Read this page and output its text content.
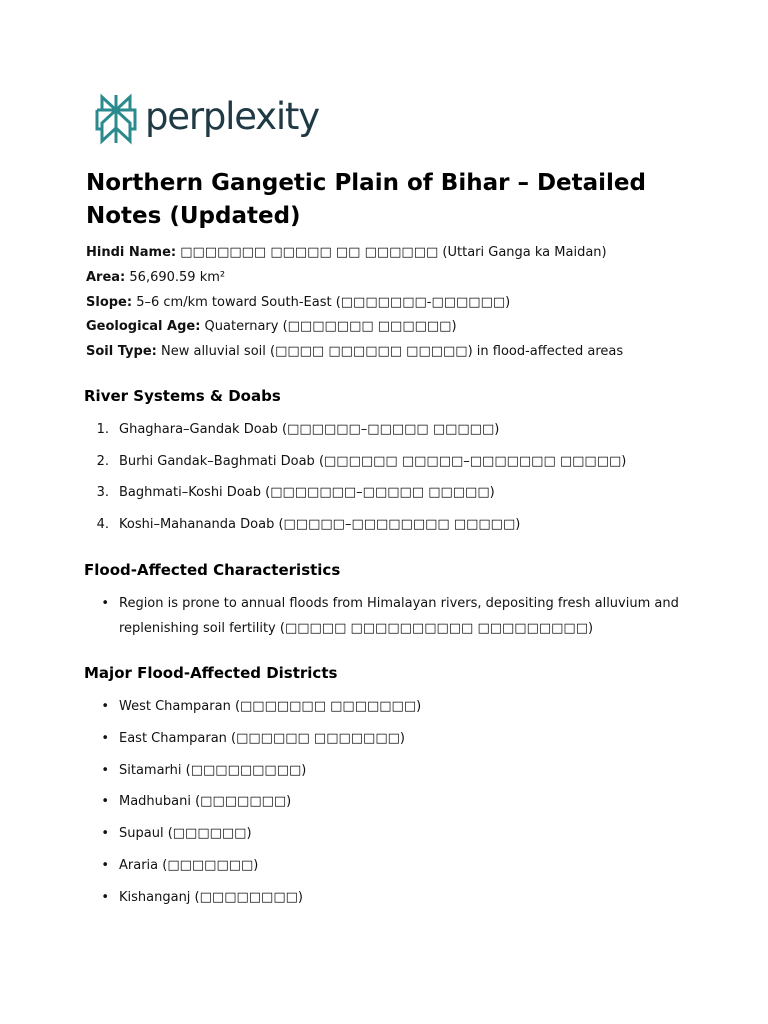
perplexity
Northern Gangetic Plain of Bihar – Detailed Notes (Updated)
Hindi Name: □□□□□□□ □□□□□ □□ □□□□□□ (Uttari Ganga ka Maidan)
Area: 56,690.59 km²
Slope: 5–6 cm/km toward South-East (□□□□□□□-□□□□□□)
Geological Age: Quaternary (□□□□□□□ □□□□□□)
Soil Type: New alluvial soil (□□□□ □□□□□□ □□□□□) in flood-affected areas
River Systems & Doabs
1. Ghaghara–Gandak Doab (□□□□□□–□□□□□ □□□□□)
2. Burhi Gandak–Baghmati Doab (□□□□□□ □□□□□–□□□□□□□ □□□□□)
3. Baghmati–Koshi Doab (□□□□□□□–□□□□□ □□□□□)
4. Koshi–Mahananda Doab (□□□□□–□□□□□□□□ □□□□□)
Flood-Affected Characteristics
• Region is prone to annual floods from Himalayan rivers, depositing fresh alluvium and replenishing soil fertility (□□□□□ □□□□□□□□□□ □□□□□□□□□)
Major Flood-Affected Districts
• West Champaran (□□□□□□□ □□□□□□□)
• East Champaran (□□□□□□ □□□□□□□)
• Sitamarhi (□□□□□□□□□)
• Madhubani (□□□□□□□)
• Supaul (□□□□□□)
• Araria (□□□□□□□)
• Kishanganj (□□□□□□□□)
